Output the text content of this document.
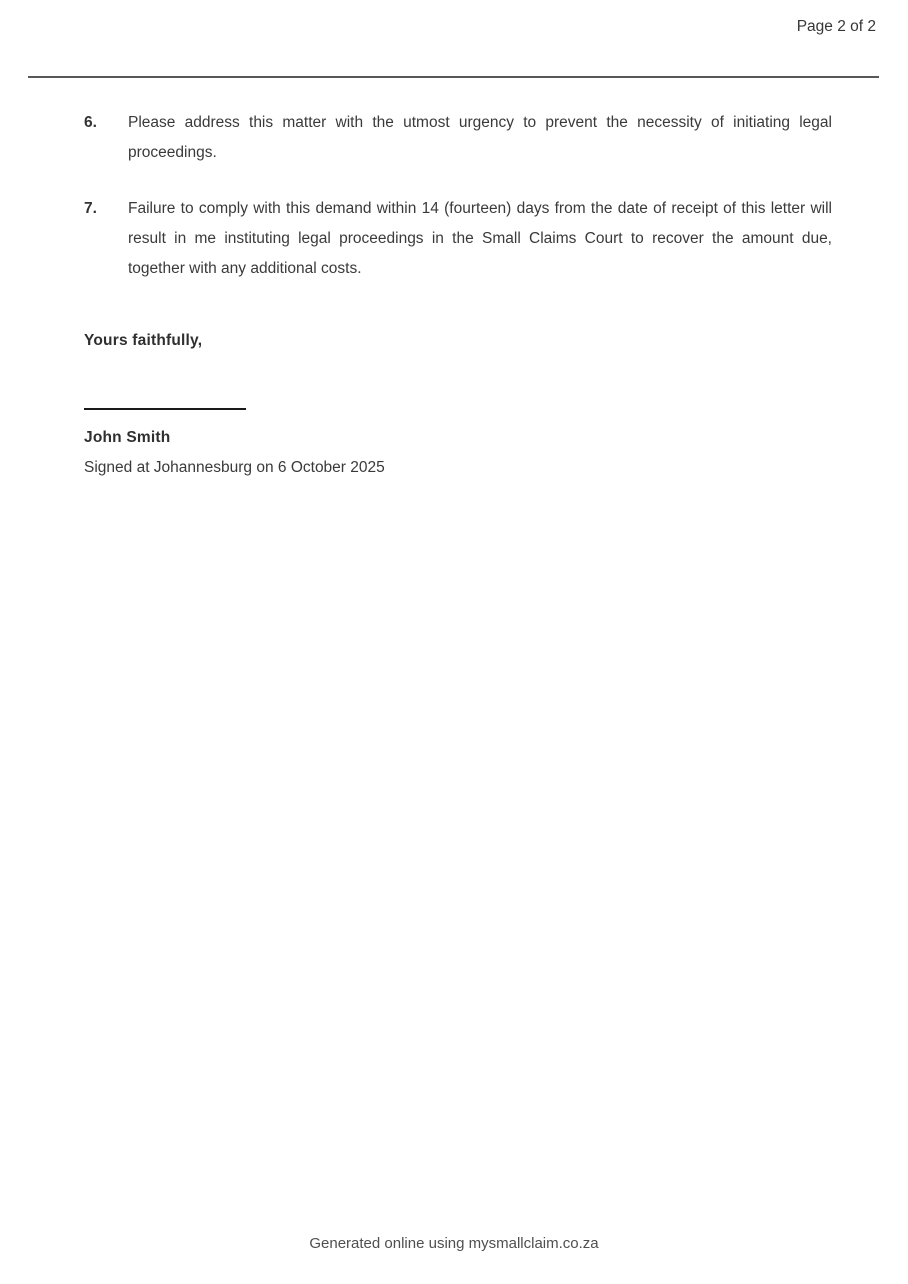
Page 2 of 2
6.	Please address this matter with the utmost urgency to prevent the necessity of initiating legal proceedings.

7.	Failure to comply with this demand within 14 (fourteen) days from the date of receipt of this letter will result in me instituting legal proceedings in the Small Claims Court to recover the amount due, together with any additional costs.

Yours faithfully,

John Smith

Signed at Johannesburg on 6 October 2025

Generated online using mysmallclaim.co.za
